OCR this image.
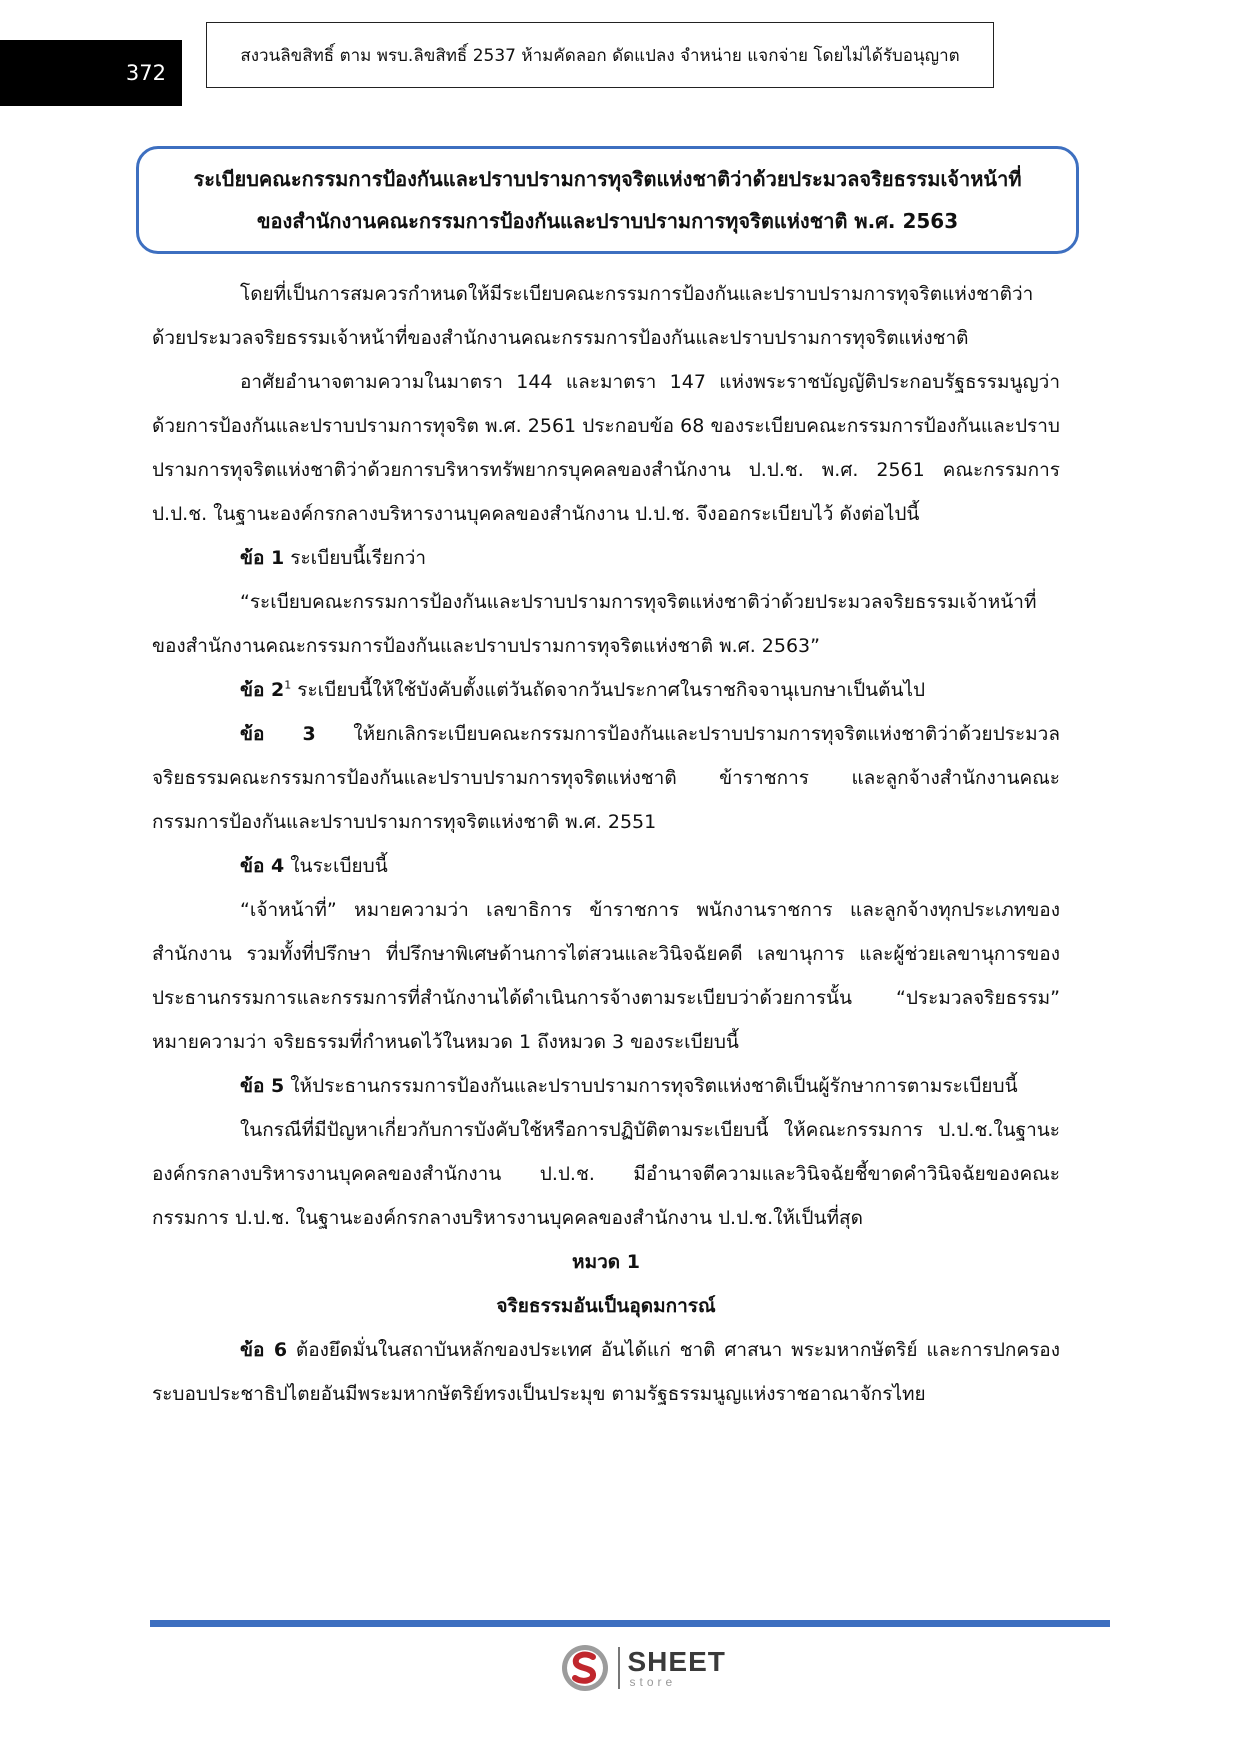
372
สงวนลิขสิทธิ์ ตาม พรบ.ลิขสิทธิ์ 2537 ห้ามคัดลอก ดัดแปลง จำหน่าย แจกจ่าย โดยไม่ได้รับอนุญาต
ระเบียบคณะกรรมการป้องกันและปราบปรามการทุจริตแห่งชาติว่าด้วยประมวลจริยธรรมเจ้าหน้าที่
ของสำนักงานคณะกรรมการป้องกันและปราบปรามการทุจริตแห่งชาติ พ.ศ. 2563
โดยที่เป็นการสมควรกำหนดให้มีระเบียบคณะกรรมการป้องกันและปราบปรามการทุจริตแห่งชาติว่าด้วยประมวลจริยธรรมเจ้าหน้าที่ของสำนักงานคณะกรรมการป้องกันและปราบปรามการทุจริตแห่งชาติ
อาศัยอำนาจตามความในมาตรา 144 และมาตรา 147 แห่งพระราชบัญญัติประกอบรัฐธรรมนูญว่าด้วยการป้องกันและปราบปรามการทุจริต พ.ศ. 2561 ประกอบข้อ 68 ของระเบียบคณะกรรมการป้องกันและปราบปรามการทุจริตแห่งชาติว่าด้วยการบริหารทรัพยากรบุคคลของสำนักงาน ป.ป.ช. พ.ศ. 2561 คณะกรรมการ ป.ป.ช. ในฐานะองค์กรกลางบริหารงานบุคคลของสำนักงาน ป.ป.ช. จึงออกระเบียบไว้ ดังต่อไปนี้
ข้อ 1 ระเบียบนี้เรียกว่า
“ระเบียบคณะกรรมการป้องกันและปราบปรามการทุจริตแห่งชาติว่าด้วยประมวลจริยธรรมเจ้าหน้าที่ของสำนักงานคณะกรรมการป้องกันและปราบปรามการทุจริตแห่งชาติ พ.ศ. 2563”
ข้อ $2^1$ ระเบียบนี้ให้ใช้บังคับตั้งแต่วันถัดจากวันประกาศในราชกิจจานุเบกษาเป็นต้นไป
ข้อ 3 ให้ยกเลิกระเบียบคณะกรรมการป้องกันและปราบปรามการทุจริตแห่งชาติว่าด้วยประมวลจริยธรรมคณะกรรมการป้องกันและปราบปรามการทุจริตแห่งชาติ ข้าราชการ และลูกจ้างสำนักงานคณะกรรมการป้องกันและปราบปรามการทุจริตแห่งชาติ พ.ศ. 2551
ข้อ 4 ในระเบียบนี้
“เจ้าหน้าที่” หมายความว่า เลขาธิการ ข้าราชการ พนักงานราชการ และลูกจ้างทุกประเภทของสำนักงาน รวมทั้งที่ปรึกษา ที่ปรึกษาพิเศษด้านการไต่สวนและวินิจฉัยคดี เลขานุการ และผู้ช่วยเลขานุการของประธานกรรมการและกรรมการที่สำนักงานได้ดำเนินการจ้างตามระเบียบว่าด้วยการนั้น “ประมวลจริยธรรม” หมายความว่า จริยธรรมที่กำหนดไว้ในหมวด 1 ถึงหมวด 3 ของระเบียบนี้
ข้อ 5 ให้ประธานกรรมการป้องกันและปราบปรามการทุจริตแห่งชาติเป็นผู้รักษาการตามระเบียบนี้
ในกรณีที่มีปัญหาเกี่ยวกับการบังคับใช้หรือการปฏิบัติตามระเบียบนี้ ให้คณะกรรมการ ป.ป.ช.ในฐานะองค์กรกลางบริหารงานบุคคลของสำนักงาน ป.ป.ช. มีอำนาจตีความและวินิจฉัยชี้ขาดคำวินิจฉัยของคณะกรรมการ ป.ป.ช. ในฐานะองค์กรกลางบริหารงานบุคคลของสำนักงาน ป.ป.ช.ให้เป็นที่สุด
หมวด 1
จริยธรรมอันเป็นอุดมการณ์
ข้อ 6 ต้องยึดมั่นในสถาบันหลักของประเทศ อันได้แก่ ชาติ ศาสนา พระมหากษัตริย์ และการปกครองระบอบประชาธิปไตยอันมีพระมหากษัตริย์ทรงเป็นประมุข ตามรัฐธรรมนูญแห่งราชอาณาจักรไทย
SHEET
store
